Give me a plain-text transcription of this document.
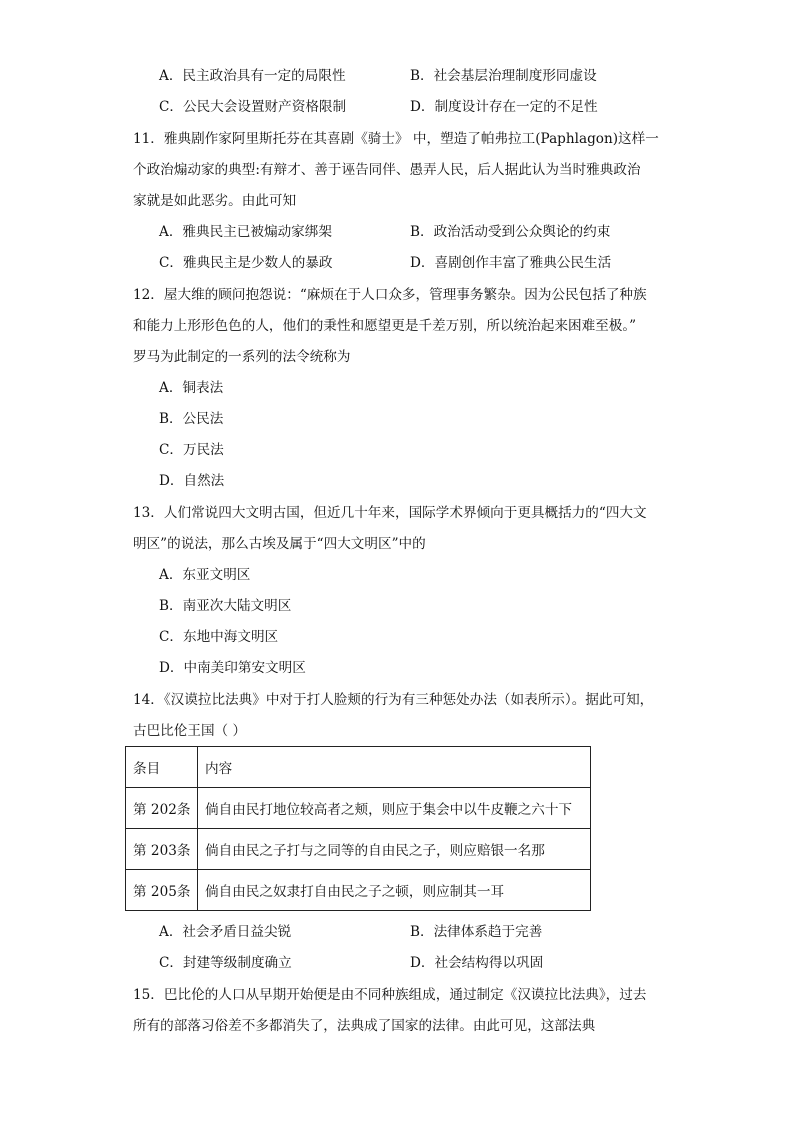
A．民主政治具有一定的局限性	B．社会基层治理制度形同虚设
C．公民大会设置财产资格限制	D．制度设计存在一定的不足性
11．雅典剧作家阿里斯托芬在其喜剧《骑士》 中，塑造了帕弗拉工(Paphlagon)这样一
个政治煽动家的典型:有辩才、善于诬告同伴、愚弄人民，后人据此认为当时雅典政治
家就是如此恶劣。由此可知
A．雅典民主已被煽动家绑架	B．政治活动受到公众舆论的约束
C．雅典民主是少数人的暴政	D．喜剧创作丰富了雅典公民生活
12．屋大维的顾问抱怨说：“麻烦在于人口众多，管理事务繁杂。因为公民包括了种族
和能力上形形色色的人，他们的秉性和愿望更是千差万别，所以统治起来困难至极。”
罗马为此制定的一系列的法令统称为
A．铜表法
B．公民法
C．万民法
D．自然法
13．人们常说四大文明古国，但近几十年来，国际学术界倾向于更具概括力的“四大文
明区”的说法，那么古埃及属于“四大文明区”中的
A．东亚文明区
B．南亚次大陆文明区
C．东地中海文明区
D．中南美印第安文明区
14．《汉谟拉比法典》中对于打人脸颊的行为有三种惩处办法（如表所示）。据此可知，
古巴比伦王国（ ）
条目	内容
第 202条	倘自由民打地位较高者之颊，则应于集会中以牛皮鞭之六十下
第 203条	倘自由民之子打与之同等的自由民之子，则应赔银一名那
第 205条	倘自由民之奴隶打自由民之子之顿，则应制其一耳
A．社会矛盾日益尖锐	B．法律体系趋于完善
C．封建等级制度确立	D．社会结构得以巩固
15．巴比伦的人口从早期开始便是由不同种族组成，通过制定《汉谟拉比法典》，过去
所有的部落习俗差不多都消失了，法典成了国家的法律。由此可见，这部法典
